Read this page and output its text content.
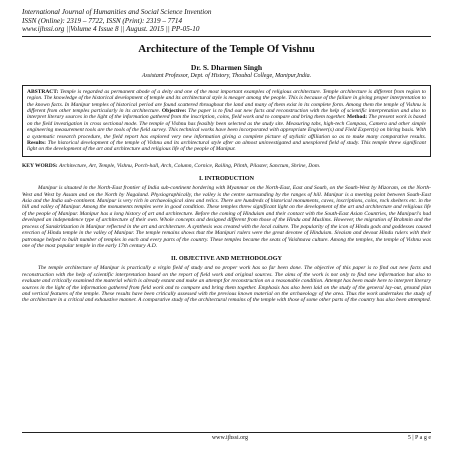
International Journal of Humanities and Social Science Invention
ISSN (Online): 2319 – 7722, ISSN (Print): 2319 – 7714
www.ijhssi.org ||Volume 4 Issue 8 || August. 2015 || PP-05-10
Architecture of the Temple Of Vishnu
Dr. S. Dharmen Singh
Assistant Professor, Dept. of History, Thoubal College, Manipur,India.
ABSTRACT: Temple is regarded as permanent abode of a deity and one of the most important examples of religious architecture. Temple architecture is different from region to region. The knowledge of the historical development of temple and its architectural style is meager among the people. This is because of the failure in giving proper interpretation to the known facts. In Manipur temples of historical period are found scattered throughout the land and many of them exist in its complete form. Among them the temple of Vishnu is different from other temples particularly in its architecture. Objective: The paper is to find out new facts and reconstruction with the help of scientific interpretation and also to interpret literary sources in the light of the information gathered from the inscription, coins, field work and to compare and bring them together. Method: The present work is based on the field investigation in cross sectional mode. The temple of Vishnu has feasibly been selected as the study site. Measuring tabs, high-tech Compass, Camera and other simple engineering measurement tools are the tools of the field survey. This technical works have been incorporated with appropriate Engineer(s) and Field Expert(s) on hiring basis. With a systematic research procedure, the field report has explored very new information giving a complete picture of stylistic affiliation so as to make many comparative results. Results: The historical development of the temple of Vishnu and its architectural style after an almost uninvestigated and unexplored field of study. This temple threw significant light on the development of the art and architecture and religious life of the people of Manipur.
KEY WORDS: Architecture, Art, Temple, Vishnu, Porch-hall, Arch, Column, Cornice, Railing, Plinth, Pilaster, Sanctum, Shrine, Dom.
I. INTRODUCTION

Manipur is situated in the North-East frontier of India sub-continent bordering with Myanmar on the North-East, East and South, on the South-West by Mizoram, on the North-West and West by Assam and on the North by Nagaland. Physiographically, the valley is the centre surrounding by the ranges of hill. Manipur is a meeting point between South-East Asia and the India sub-continent. Manipur is very rich in archaeological sites and relics. There are hundreds of historical monuments, caves, inscriptions, coins, rock shelters etc. in the hill and valley of Manipur. Among the monuments temples were in good condition. These temples threw significant light on the development of the art and architecture and religious life of the people of Manipur. Manipur has a long history of art and architecture. Before the coming of Hinduism and their contact with the South-East Asian Countries, the Manipuri's had developed an independence type of architecture of their own. Whole concepts and designed different from those of the Hindu and Muslims. However, the migration of Brahmin and the process of Sanskritization in Manipur reflected in the art and architecture. A synthesis was created with the local culture. The popularity of the icon of Hindu gods and goddesses caused erection of Hindu temple in the valley of Manipur. The temple remains shows that the Manipuri rulers were the great devotee of Hinduism. Sivaism and devout Hindu rulers with their patronage helped to built number of temples in each and every parts of the country. These temples became the seats of Vaishnava culture. Among the temples, the temple of Vishnu was one of the most popular temple in the early 17th century A.D.

II. OBJECTIVE AND METHODOLOGY

The temple architecture of Manipur is practically a virgin field of study and no proper work has so far been done. The objective of this paper is to find out new facts and reconstruction with the help of scientific interpretation based on the report of field work and original sources. The aims of the work is not only to find new information but also to evaluate and critically examined the material which is already extant and make an attempt for reconstruction on a reasonable condition. Attempt has been made here to interpret literary sources in the light of the information gathered from field work and to compare and bring them together. Emphasis has also been laid on the study of the general lay-out, ground plan and vertical features of the temple. These results have been critically assessed with the previous known material on the archaeology of the area. Thus the work undertakes the study of the architecture in a critical and exhaustive manner. A comparative study of the architectural remains of the temple with those of some other parts of the country has also been attempted.

www.ijhssi.org	5 | P a g e
